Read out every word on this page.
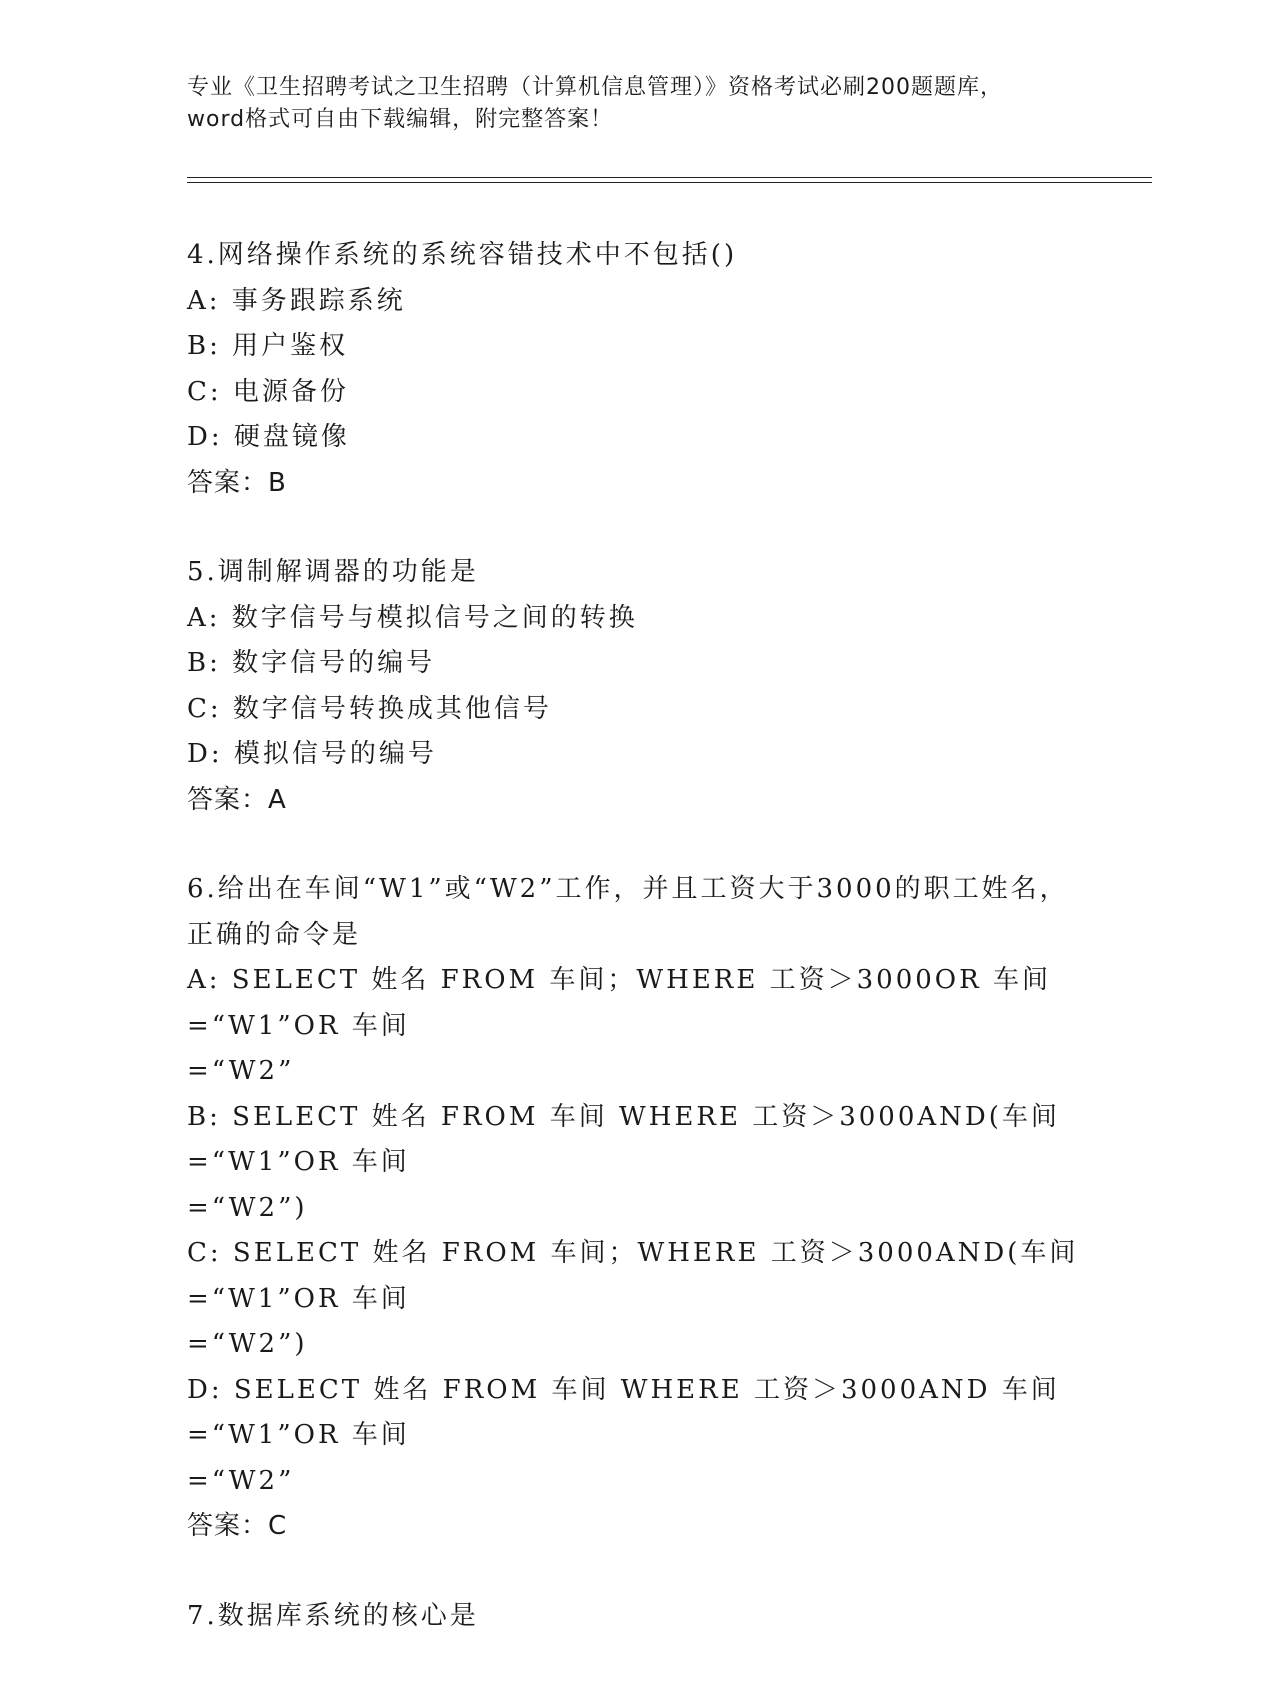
专业《卫生招聘考试之卫生招聘（计算机信息管理）》资格考试必刷200题题库，
word格式可自由下载编辑，附完整答案！
4.网络操作系统的系统容错技术中不包括()
A: 事务跟踪系统
B: 用户鉴权
C: 电源备份
D: 硬盘镜像
答案：B
5.调制解调器的功能是
A: 数字信号与模拟信号之间的转换
B: 数字信号的编号
C: 数字信号转换成其他信号
D: 模拟信号的编号
答案：A
6.给出在车间“W1”或“W2”工作，并且工资大于3000的职工姓名，
正确的命令是
A: SELECT 姓名 FROM 车间；WHERE 工资＞3000OR 车间=“W1”OR 车间
=“W2”
B: SELECT 姓名 FROM 车间 WHERE 工资＞3000AND(车间=“W1”OR 车间
=“W2”)
C: SELECT 姓名 FROM 车间；WHERE 工资＞3000AND(车间=“W1”OR 车间
=“W2”)
D: SELECT 姓名 FROM 车间 WHERE 工资＞3000AND 车间=“W1”OR 车间
=“W2”
答案：C
7.数据库系统的核心是
